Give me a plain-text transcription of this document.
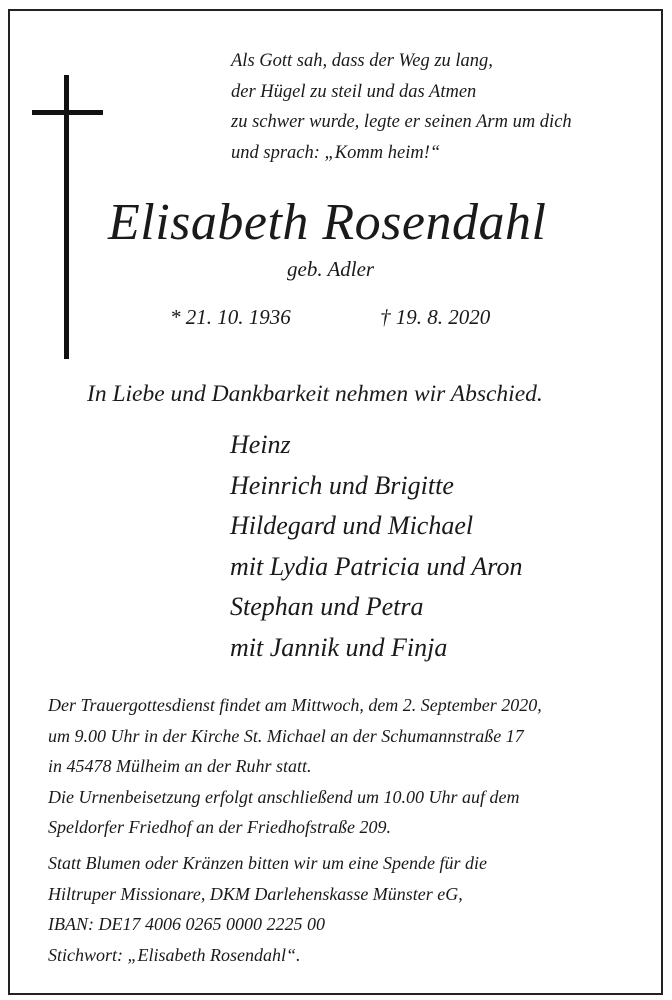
Als Gott sah, dass der Weg zu lang,
der Hügel zu steil und das Atmen
zu schwer wurde, legte er seinen Arm um dich
und sprach: „Komm heim!“
Elisabeth Rosendahl
geb. Adler
* 21. 10. 1936	† 19. 8. 2020
In Liebe und Dankbarkeit nehmen wir Abschied.
Heinz
Heinrich und Brigitte
Hildegard und Michael
mit Lydia Patricia und Aron
Stephan und Petra
mit Jannik und Finja
Der Trauergottesdienst findet am Mittwoch, dem 2. September 2020,
um 9.00 Uhr in der Kirche St. Michael an der Schumannstraße 17
in 45478 Mülheim an der Ruhr statt.
Die Urnenbeisetzung erfolgt anschließend um 10.00 Uhr auf dem
Speldorfer Friedhof an der Friedhofstraße 209.
Statt Blumen oder Kränzen bitten wir um eine Spende für die
Hiltruper Missionare, DKM Darlehenskasse Münster eG,
IBAN: DE17 4006 0265 0000 2225 00
Stichwort: „Elisabeth Rosendahl“.
